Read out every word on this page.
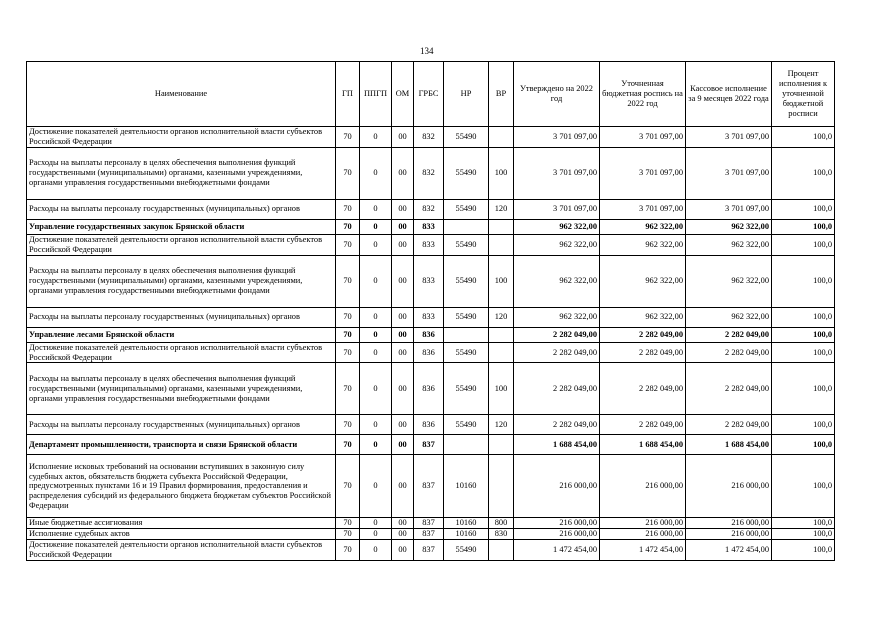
134
Наименование	ГП	ППГП	ОМ	ГРБС	НР	ВР	Утверждено на 2022 год	Уточненная бюджетная роспись на 2022 год	Кассовое исполнение за 9 месяцев 2022 года	Процент исполнения к уточненной бюджетной росписи
Достижение показателей деятельности органов исполнительной власти субъектов Российской Федерации	70	0	00	832	55490		3 701 097,00	3 701 097,00	3 701 097,00	100,0
Расходы на выплаты персоналу в целях обеспечения выполнения функций государственными (муниципальными) органами, казенными учреждениями, органами управления государственными внебюджетными фондами	70	0	00	832	55490	100	3 701 097,00	3 701 097,00	3 701 097,00	100,0
Расходы на выплаты персоналу государственных (муниципальных) органов	70	0	00	832	55490	120	3 701 097,00	3 701 097,00	3 701 097,00	100,0
Управление государственных закупок Брянской области	70	0	00	833			962 322,00	962 322,00	962 322,00	100,0
Достижение показателей деятельности органов исполнительной власти субъектов Российской Федерации	70	0	00	833	55490		962 322,00	962 322,00	962 322,00	100,0
Расходы на выплаты персоналу в целях обеспечения выполнения функций государственными (муниципальными) органами, казенными учреждениями, органами управления государственными внебюджетными фондами	70	0	00	833	55490	100	962 322,00	962 322,00	962 322,00	100,0
Расходы на выплаты персоналу государственных (муниципальных) органов	70	0	00	833	55490	120	962 322,00	962 322,00	962 322,00	100,0
Управление лесами Брянской области	70	0	00	836			2 282 049,00	2 282 049,00	2 282 049,00	100,0
Достижение показателей деятельности органов исполнительной власти субъектов Российской Федерации	70	0	00	836	55490		2 282 049,00	2 282 049,00	2 282 049,00	100,0
Расходы на выплаты персоналу в целях обеспечения выполнения функций государственными (муниципальными) органами, казенными учреждениями, органами управления государственными внебюджетными фондами	70	0	00	836	55490	100	2 282 049,00	2 282 049,00	2 282 049,00	100,0
Расходы на выплаты персоналу государственных (муниципальных) органов	70	0	00	836	55490	120	2 282 049,00	2 282 049,00	2 282 049,00	100,0
Департамент промышленности, транспорта и связи Брянской области	70	0	00	837			1 688 454,00	1 688 454,00	1 688 454,00	100,0
Исполнение исковых требований на основании вступивших в законную силу судебных актов, обязательств бюджета субъекта Российской Федерации, предусмотренных пунктами 16 и 19 Правил формирования, предоставления и распределения субсидий из федерального бюджета бюджетам субъектов Российской Федерации	70	0	00	837	10160		216 000,00	216 000,00	216 000,00	100,0
Иные бюджетные ассигнования	70	0	00	837	10160	800	216 000,00	216 000,00	216 000,00	100,0
Исполнение судебных актов	70	0	00	837	10160	830	216 000,00	216 000,00	216 000,00	100,0
Достижение показателей деятельности органов исполнительной власти субъектов Российской Федерации	70	0	00	837	55490		1 472 454,00	1 472 454,00	1 472 454,00	100,0
